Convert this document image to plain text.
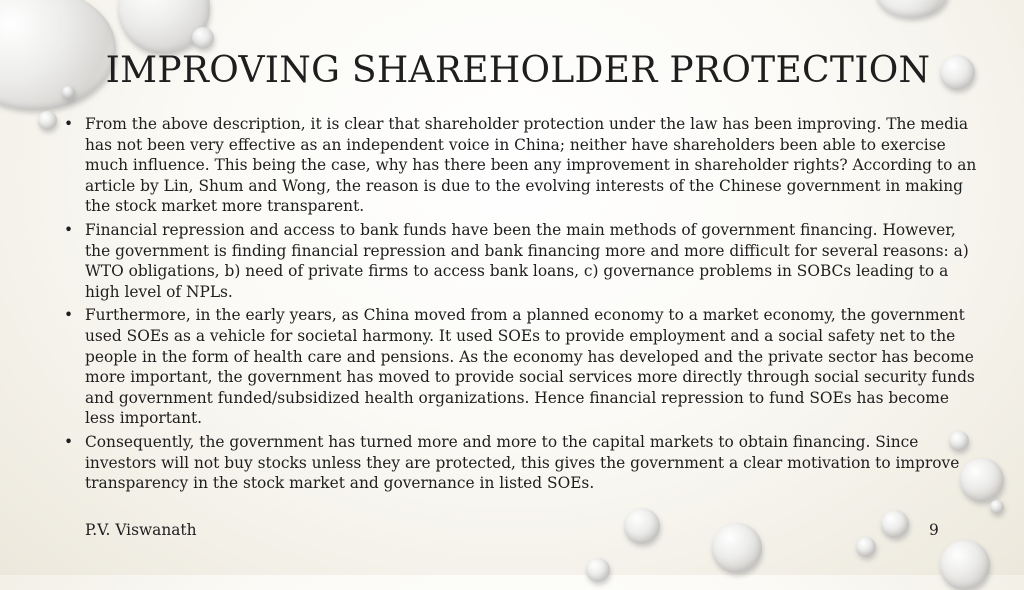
IMPROVING SHAREHOLDER PROTECTION
• From the above description, it is clear that shareholder protection under the law has been improving. The media has not been very effective as an independent voice in China; neither have shareholders been able to exercise much influence. This being the case, why has there been any improvement in shareholder rights? According to an article by Lin, Shum and Wong, the reason is due to the evolving interests of the Chinese government in making the stock market more transparent.
• Financial repression and access to bank funds have been the main methods of government financing. However, the government is finding financial repression and bank financing more and more difficult for several reasons: a) WTO obligations, b) need of private firms to access bank loans, c) governance problems in SOBCs leading to a high level of NPLs.
• Furthermore, in the early years, as China moved from a planned economy to a market economy, the government used SOEs as a vehicle for societal harmony. It used SOEs to provide employment and a social safety net to the people in the form of health care and pensions. As the economy has developed and the private sector has become more important, the government has moved to provide social services more directly through social security funds and government funded/subsidized health organizations. Hence financial repression to fund SOEs has become less important.
• Consequently, the government has turned more and more to the capital markets to obtain financing. Since investors will not buy stocks unless they are protected, this gives the government a clear motivation to improve transparency in the stock market and governance in listed SOEs.
P.V. Viswanath	9
